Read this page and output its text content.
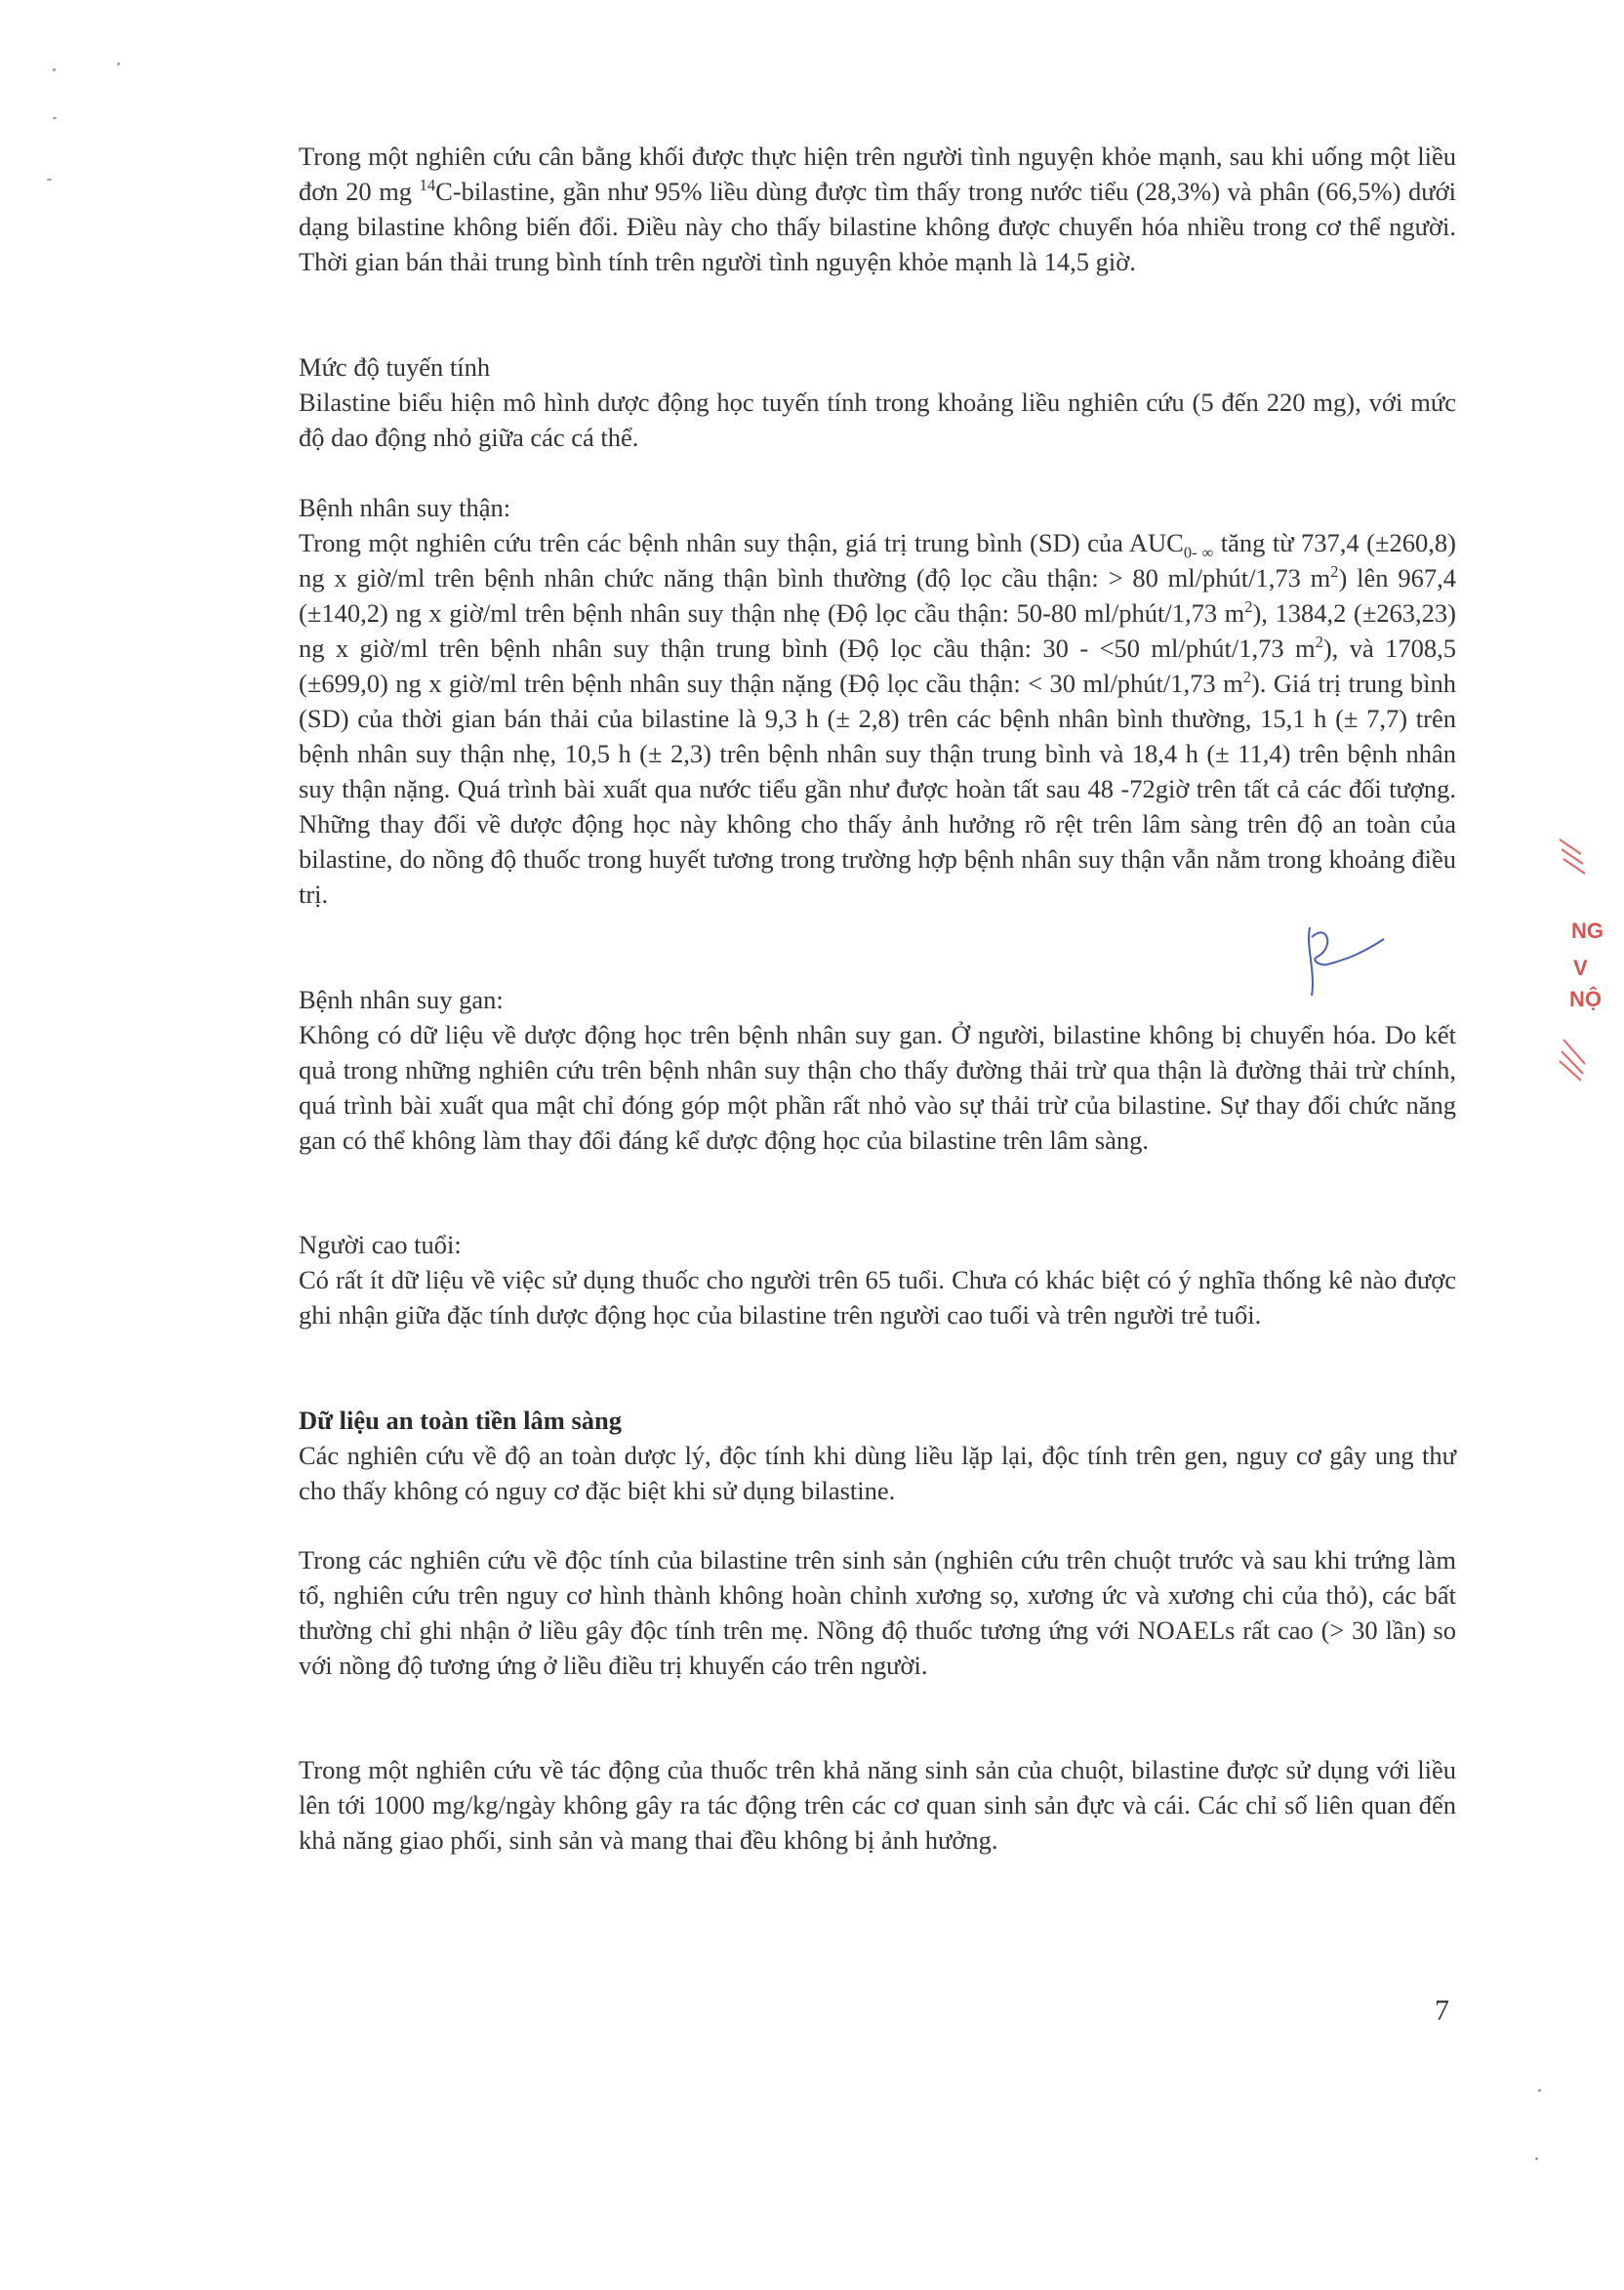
Trong một nghiên cứu cân bằng khối được thực hiện trên người tình nguyện khỏe mạnh, sau khi uống một liều đơn 20 mg $^{14}$C-bilastine, gần như 95% liều dùng được tìm thấy trong nước tiểu (28,3%) và phân (66,5%) dưới dạng bilastine không biến đổi. Điều này cho thấy bilastine không được chuyển hóa nhiều trong cơ thể người. Thời gian bán thải trung bình tính trên người tình nguyện khỏe mạnh là 14,5 giờ.

Mức độ tuyến tính

Bilastine biểu hiện mô hình dược động học tuyến tính trong khoảng liều nghiên cứu (5 đến 220 mg), với mức độ dao động nhỏ giữa các cá thể.

Bệnh nhân suy thận:

Trong một nghiên cứu trên các bệnh nhân suy thận, giá trị trung bình (SD) của $AUC_{0- \infty}$ tăng từ 737,4 (±260,8) ng x giờ/ml trên bệnh nhân chức năng thận bình thường (độ lọc cầu thận: > 80 ml/phút/1,73 $m^2$) lên 967,4 (±140,2) ng x giờ/ml trên bệnh nhân suy thận nhẹ (Độ lọc cầu thận: 50-80 ml/phút/1,73 $m^2$), 1384,2 (±263,23) ng x giờ/ml trên bệnh nhân suy thận trung bình (Độ lọc cầu thận: 30 - <50 ml/phút/1,73 $m^2$), và 1708,5 (±699,0) ng x giờ/ml trên bệnh nhân suy thận nặng (Độ lọc cầu thận: < 30 ml/phút/1,73 $m^2$). Giá trị trung bình (SD) của thời gian bán thải của bilastine là 9,3 h (± 2,8) trên các bệnh nhân bình thường, 15,1 h (± 7,7) trên bệnh nhân suy thận nhẹ, 10,5 h (± 2,3) trên bệnh nhân suy thận trung bình và 18,4 h (± 11,4) trên bệnh nhân suy thận nặng. Quá trình bài xuất qua nước tiểu gần như được hoàn tất sau 48 -72giờ trên tất cả các đối tượng. Những thay đổi về dược động học này không cho thấy ảnh hưởng rõ rệt trên lâm sàng trên độ an toàn của bilastine, do nồng độ thuốc trong huyết tương trong trường hợp bệnh nhân suy thận vẫn nằm trong khoảng điều trị.

Bệnh nhân suy gan:

Không có dữ liệu về dược động học trên bệnh nhân suy gan. Ở người, bilastine không bị chuyển hóa. Do kết quả trong những nghiên cứu trên bệnh nhân suy thận cho thấy đường thải trừ qua thận là đường thải trừ chính, quá trình bài xuất qua mật chỉ đóng góp một phần rất nhỏ vào sự thải trừ của bilastine. Sự thay đổi chức năng gan có thể không làm thay đổi đáng kể dược động học của bilastine trên lâm sàng.

Người cao tuổi:

Có rất ít dữ liệu về việc sử dụng thuốc cho người trên 65 tuổi. Chưa có khác biệt có ý nghĩa thống kê nào được ghi nhận giữa đặc tính dược động học của bilastine trên người cao tuổi và trên người trẻ tuổi.

Dữ liệu an toàn tiền lâm sàng

Các nghiên cứu về độ an toàn dược lý, độc tính khi dùng liều lặp lại, độc tính trên gen, nguy cơ gây ung thư cho thấy không có nguy cơ đặc biệt khi sử dụng bilastine.

Trong các nghiên cứu về độc tính của bilastine trên sinh sản (nghiên cứu trên chuột trước và sau khi trứng làm tổ, nghiên cứu trên nguy cơ hình thành không hoàn chỉnh xương sọ, xương ức và xương chi của thỏ), các bất thường chỉ ghi nhận ở liều gây độc tính trên mẹ. Nồng độ thuốc tương ứng với NOAELs rất cao (> 30 lần) so với nồng độ tương ứng ở liều điều trị khuyến cáo trên người.

Trong một nghiên cứu về tác động của thuốc trên khả năng sinh sản của chuột, bilastine được sử dụng với liều lên tới 1000 mg/kg/ngày không gây ra tác động trên các cơ quan sinh sản đực và cái. Các chỉ số liên quan đến khả năng giao phối, sinh sản và mang thai đều không bị ảnh hưởng.

7
NG
V
NỘ
